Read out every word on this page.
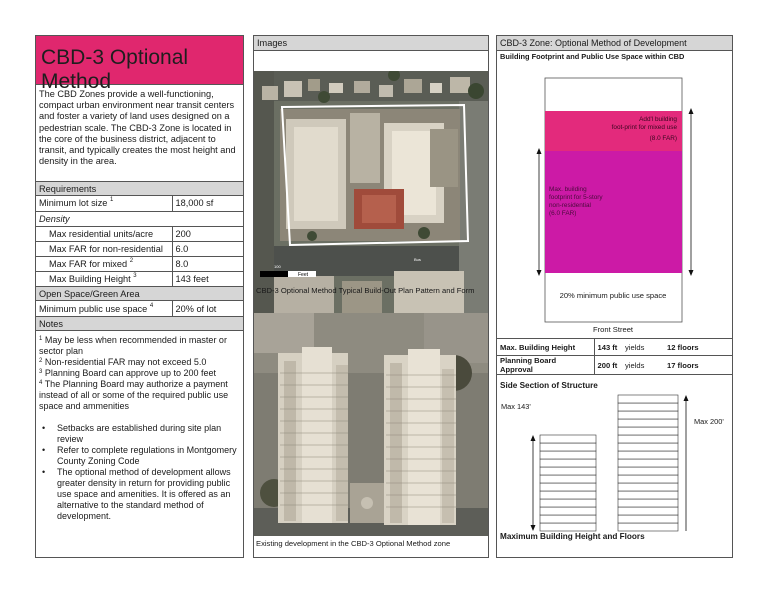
CBD-3 Optional Method
The CBD Zones provide a well-functioning, compact urban environment near transit centers and foster a variety of land uses designed on a pedestrian scale. The CBD-3 Zone is located in the core of the business district, adjacent to transit, and typically creates the most height and density in the area.
Requirements
Minimum lot size $^1$	18,000 sf
Density	
Max residential units/acre	200
Max FAR for non-residential	6.0
Max FAR for mixed $^2$	8.0
Max Building Height $^3$	143 feet
Open Space/Green Area
Minimum public use space $^4$	20% of lot
Notes

$^1$ May be less when recommended in master or sector plan

$^2$ Non-residential FAR may not exceed 5.0

$^3$ Planning Board can approve up to 200 feet

$^4$ The Planning Board may authorize a payment instead of all or some of the required public use space and ammenities

• Setbacks are established during site plan review
• Refer to complete regulations in Montgomery County Zoning Code
• The optional method of development allows greater density in return for providing public use space and amenities. It is offered as an alternative to the standard method of development.
Images
100
Feet
Bus
CBD-3 Optional Method Typical Build-Out Plan Pattern and Form
Existing development in the CBD-3 Optional Method zone
CBD-3 Zone: Optional Method of Development
Building Footprint and Public Use Space within CBD
Add'l building foot-print for mixed use
(8.0 FAR)
Max. building footprint for 5-story non-residential
(6.0 FAR)
20% minimum public use space
Front Street
Max. Building Height	143 ft	yields	12 floors
Planning Board Approval	200 ft	yields	17 floors
Side Section of Structure
Max 143'
Max 200'
Maximum Building Height and Floors
